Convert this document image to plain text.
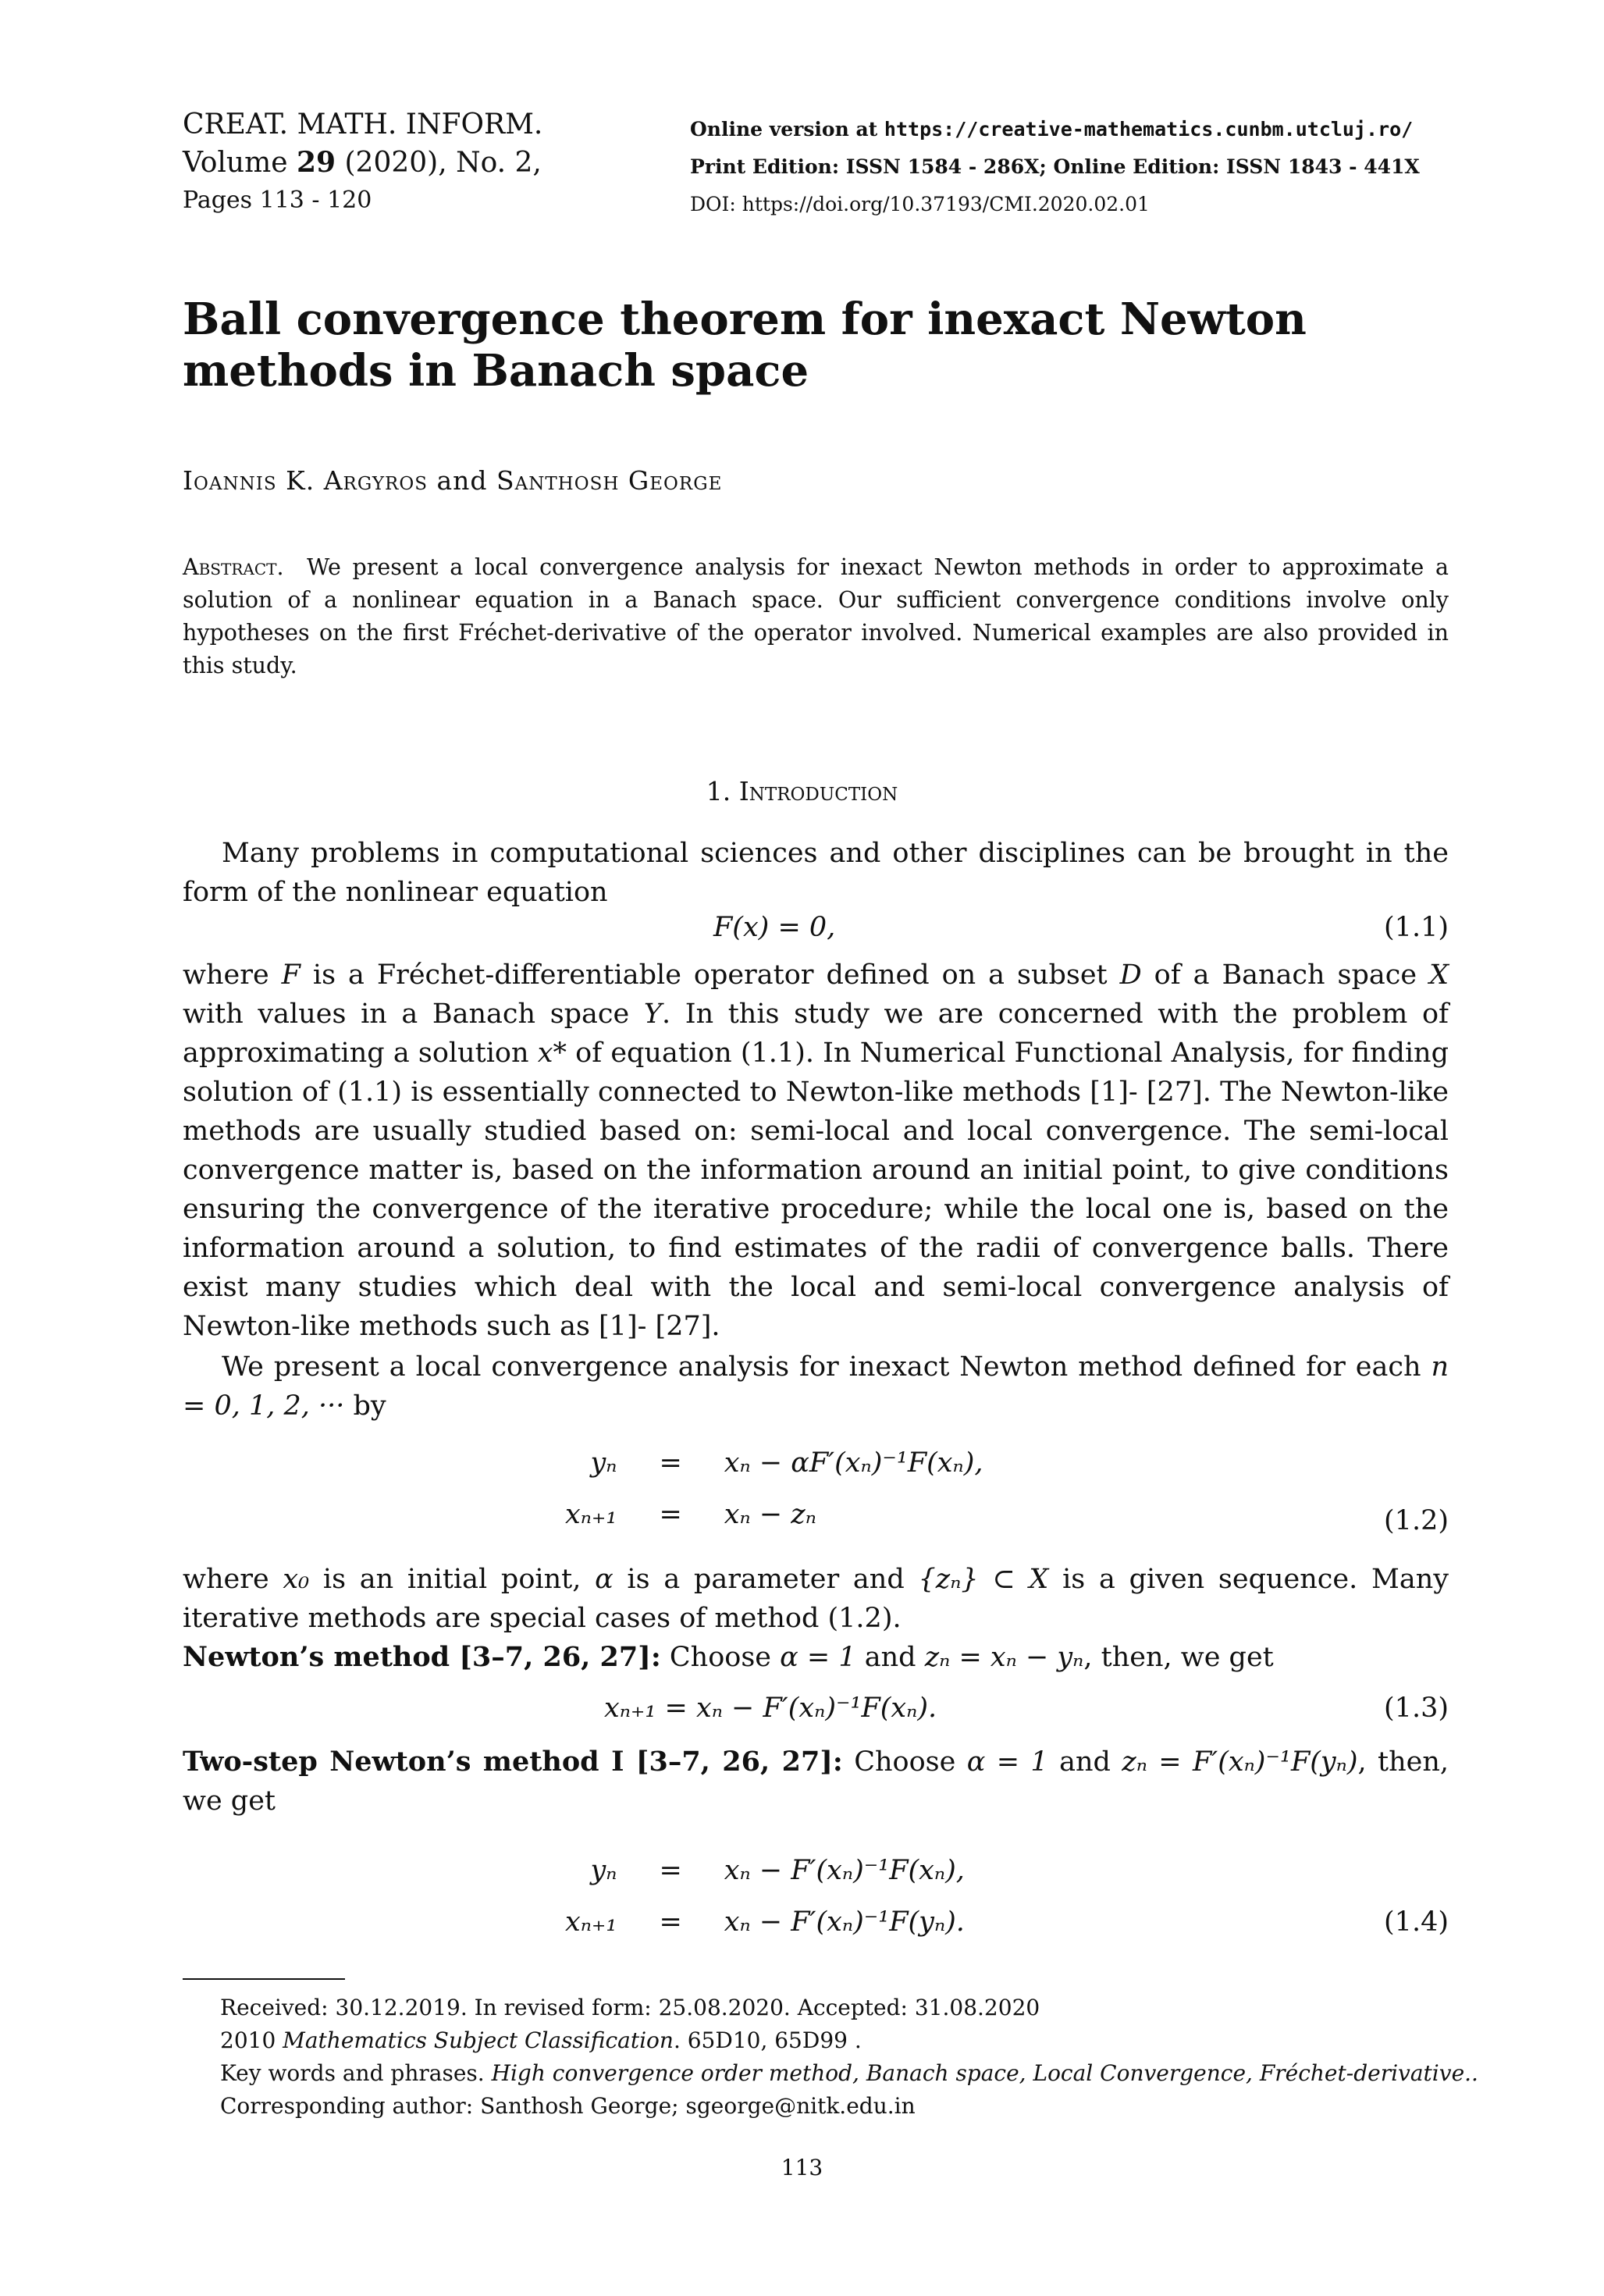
CREAT. MATH. INFORM.
Volume 29 (2020), No. 2,
Pages 113 - 120
Online version at https://creative-mathematics.cunbm.utcluj.ro/
Print Edition: ISSN 1584 - 286X; Online Edition: ISSN 1843 - 441X
DOI: https://doi.org/10.37193/CMI.2020.02.01
Ball convergence theorem for inexact Newton methods in Banach space
Ioannis K. Argyros and Santhosh George
Abstract. We present a local convergence analysis for inexact Newton methods in order to approximate a solution of a nonlinear equation in a Banach space. Our sufficient convergence conditions involve only hypotheses on the first Fréchet-derivative of the operator involved. Numerical examples are also provided in this study.
1. Introduction
Many problems in computational sciences and other disciplines can be brought in the form of the nonlinear equation
F(x) = 0,	(1.1)
where F is a Fréchet-differentiable operator defined on a subset D of a Banach space X with values in a Banach space Y. In this study we are concerned with the problem of approximating a solution x* of equation (1.1). In Numerical Functional Analysis, for finding solution of (1.1) is essentially connected to Newton-like methods [1]- [27]. The Newton-like methods are usually studied based on: semi-local and local convergence. The semi-local convergence matter is, based on the information around an initial point, to give conditions ensuring the convergence of the iterative procedure; while the local one is, based on the information around a solution, to find estimates of the radii of convergence balls. There exist many studies which deal with the local and semi-local convergence analysis of Newton-like methods such as [1]- [27].
We present a local convergence analysis for inexact Newton method defined for each n = 0, 1, 2, ··· by
yₙ	=	xₙ − αF′(xₙ)⁻¹F(xₙ),
xₙ₊₁	=	xₙ − zₙ	(1.2)
where x₀ is an initial point, α is a parameter and {zₙ} ⊂ X is a given sequence. Many iterative methods are special cases of method (1.2).
Newton’s method [3–7, 26, 27]: Choose α = 1 and zₙ = xₙ − yₙ, then, we get
xₙ₊₁ = xₙ − F′(xₙ)⁻¹F(xₙ).	(1.3)
Two-step Newton’s method I [3–7, 26, 27]: Choose α = 1 and zₙ = F′(xₙ)⁻¹F(yₙ), then, we get
yₙ	=	xₙ − F′(xₙ)⁻¹F(xₙ),
xₙ₊₁	=	xₙ − F′(xₙ)⁻¹F(yₙ).	(1.4)
Received: 30.12.2019. In revised form: 25.08.2020. Accepted: 31.08.2020
2010 Mathematics Subject Classification. 65D10, 65D99 .
Key words and phrases. High convergence order method, Banach space, Local Convergence, Fréchet-derivative..
Corresponding author: Santhosh George; sgeorge@nitk.edu.in
113
